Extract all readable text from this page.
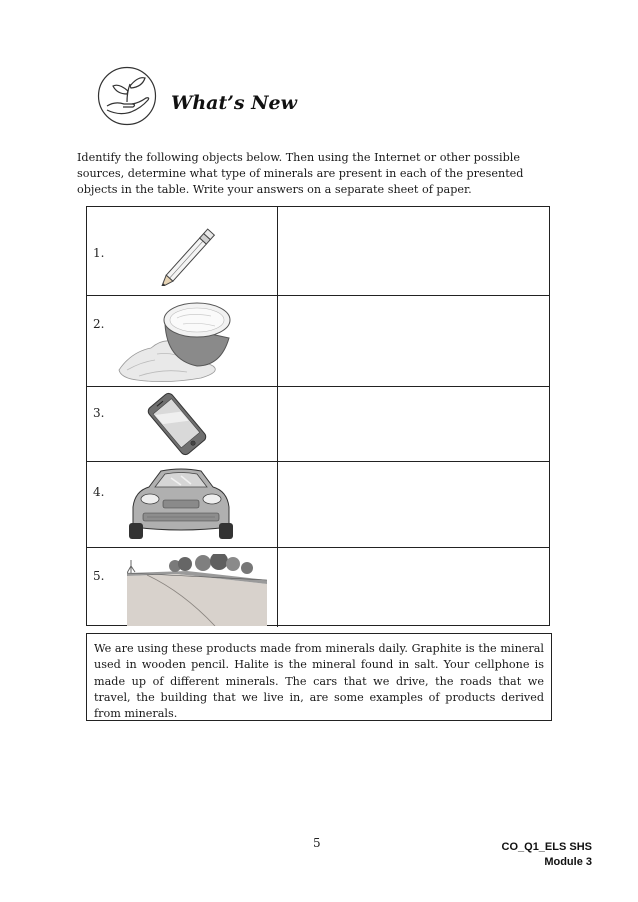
What’s New
Identify the following objects below. Then using the Internet or other possible sources, determine what type of minerals are present in each of the presented objects in the table. Write your answers on a separate sheet of paper.
1.
2.
3.
4.
5.
We are using these products made from minerals daily. Graphite is the mineral used in wooden pencil. Halite is the mineral found in salt. Your cellphone is made up of different minerals. The cars that we drive, the roads that we travel, the building that we live in, are some examples of products derived from minerals.
5	CO_Q1_ELS SHS
Module 3
